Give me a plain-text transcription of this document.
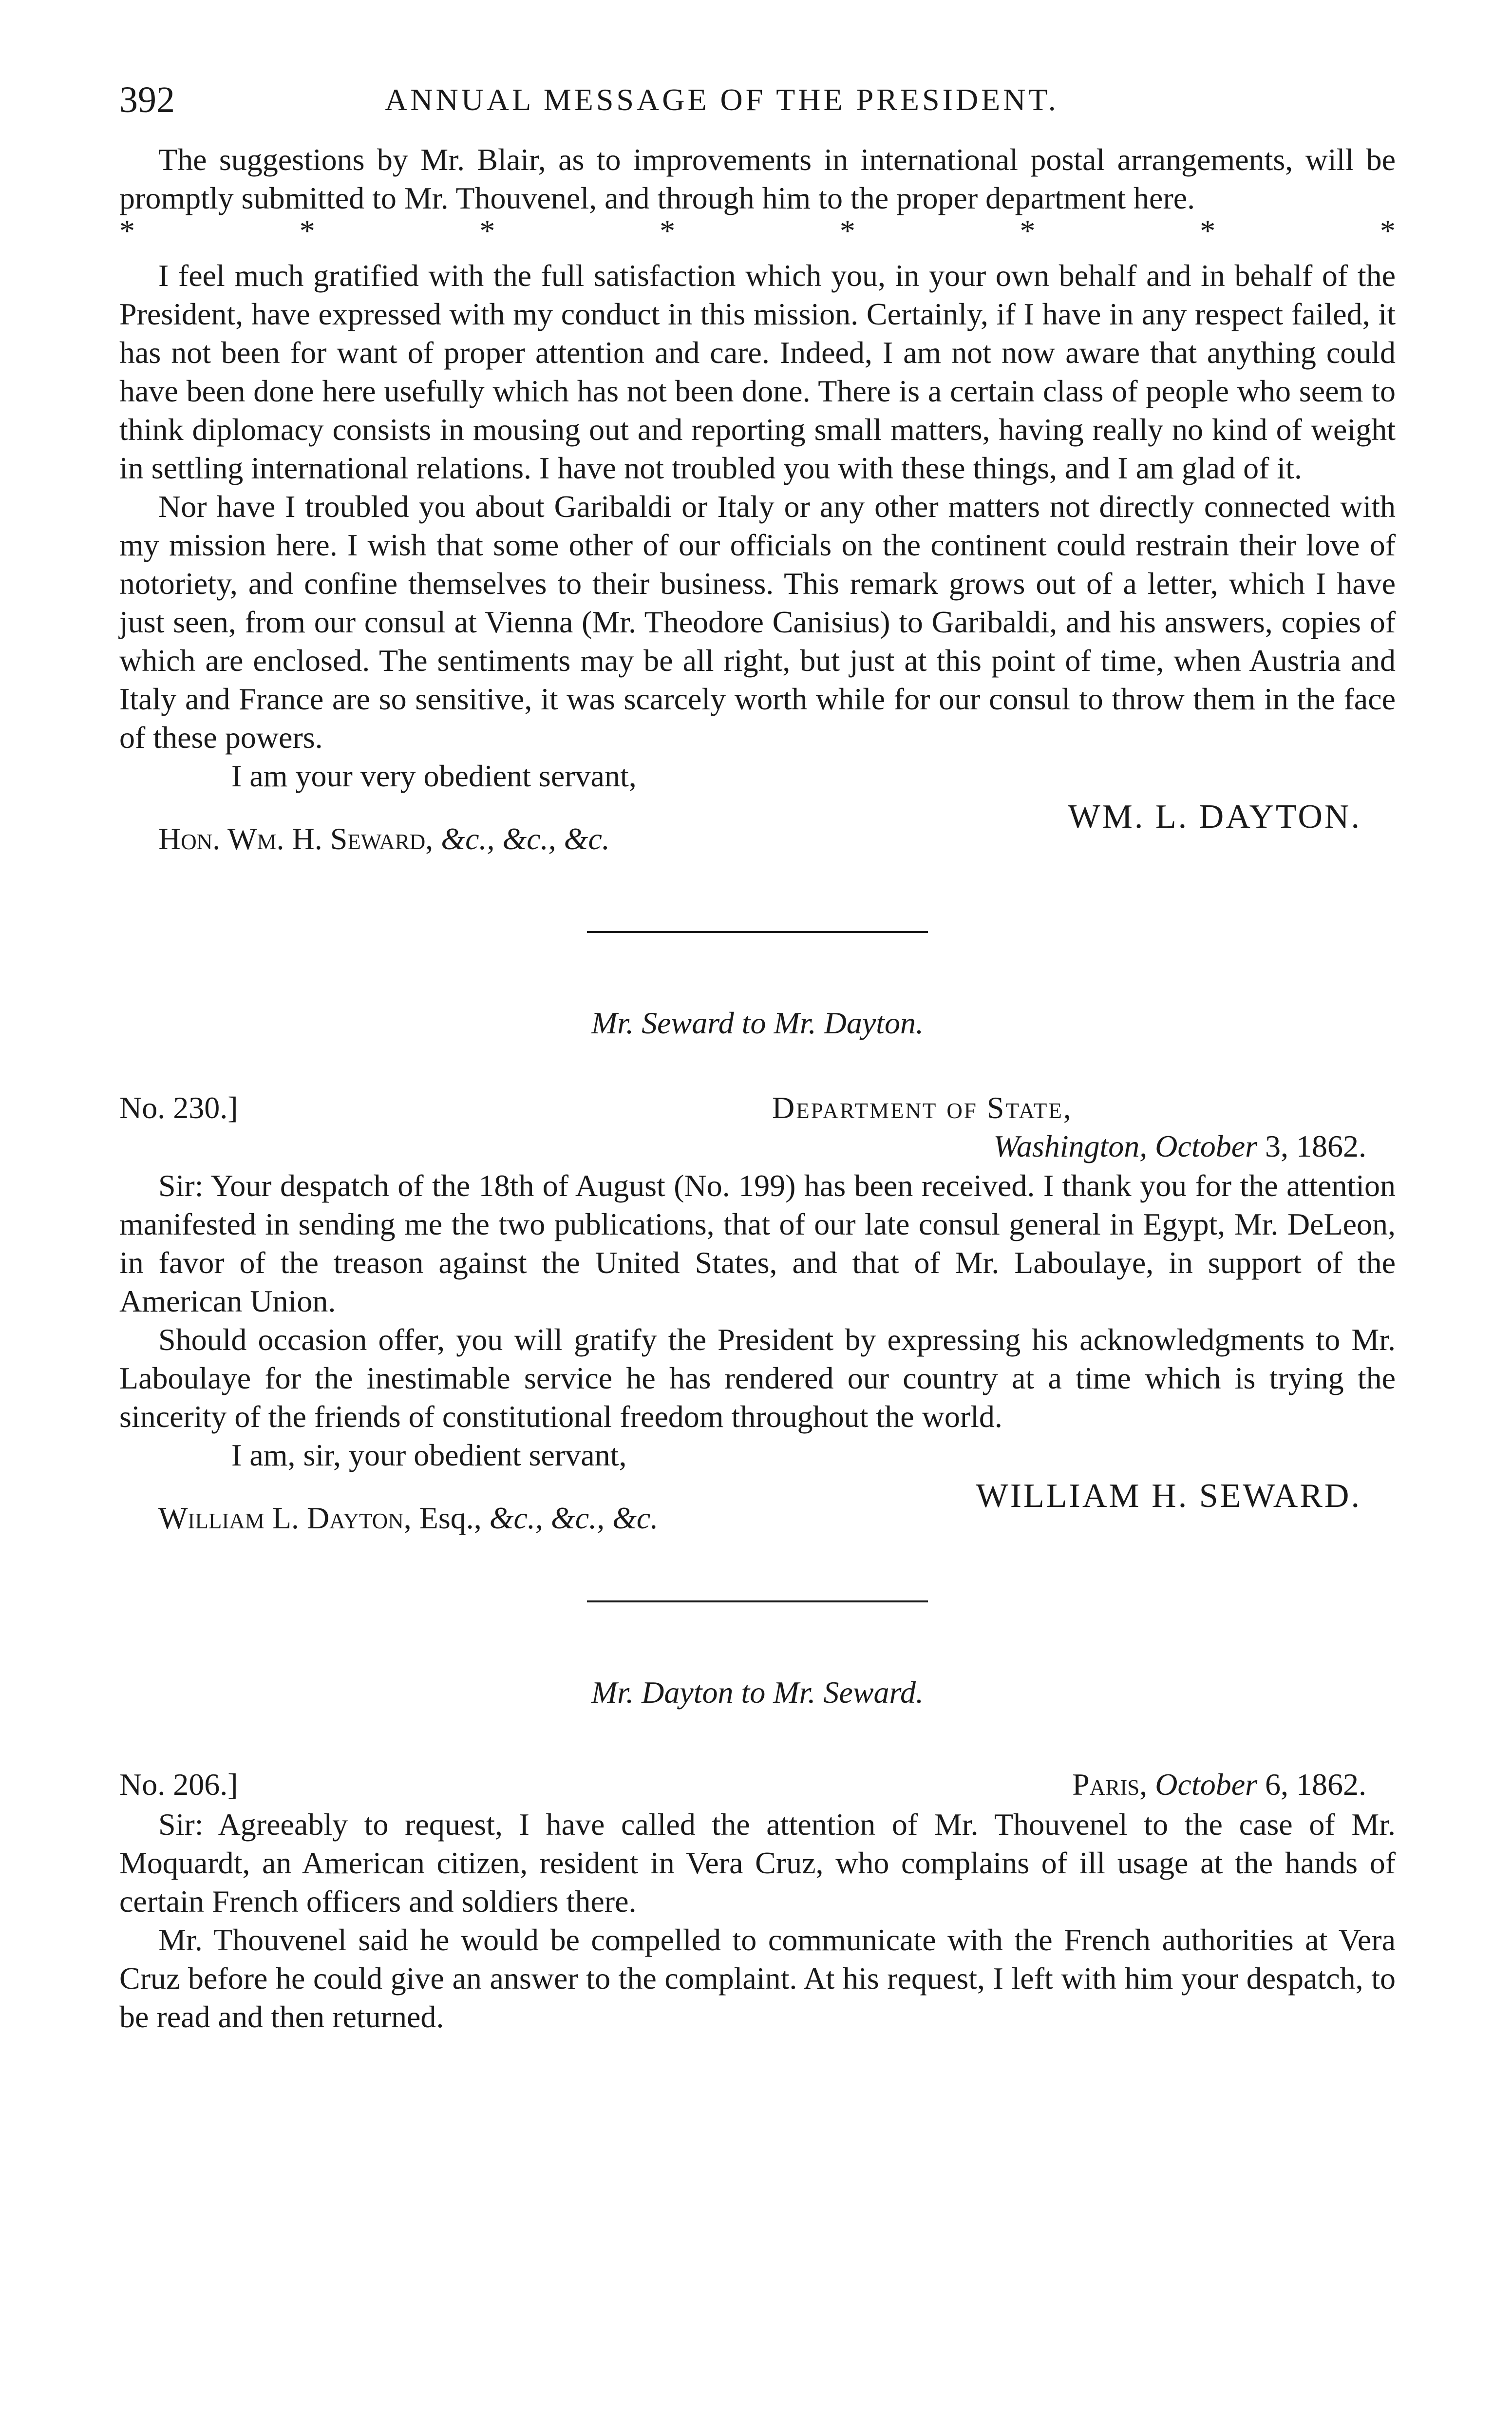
392	ANNUAL MESSAGE OF THE PRESIDENT.

The suggestions by Mr. Blair, as to improvements in international postal arrangements, will be promptly submitted to Mr. Thouvenel, and through him to the proper department here.

*	*	*	*	*	*	*	*

I feel much gratified with the full satisfaction which you, in your own behalf and in behalf of the President, have expressed with my conduct in this mission. Certainly, if I have in any respect failed, it has not been for want of proper attention and care. Indeed, I am not now aware that anything could have been done here usefully which has not been done. There is a certain class of people who seem to think diplomacy consists in mousing out and reporting small matters, having really no kind of weight in settling international relations. I have not troubled you with these things, and I am glad of it.

Nor have I troubled you about Garibaldi or Italy or any other matters not directly connected with my mission here. I wish that some other of our officials on the continent could restrain their love of notoriety, and confine themselves to their business. This remark grows out of a letter, which I have just seen, from our consul at Vienna (Mr. Theodore Canisius) to Garibaldi, and his answers, copies of which are enclosed. The sentiments may be all right, but just at this point of time, when Austria and Italy and France are so sensitive, it was scarcely worth while for our consul to throw them in the face of these powers.

I am your very obedient servant,
WM. L. DAYTON.
Hon. Wm. H. Seward, &c., &c., &c.
Mr. Seward to Mr. Dayton.
No. 230.]	Department of State,
Washington, October 3, 1862.

Sir: Your despatch of the 18th of August (No. 199) has been received. I thank you for the attention manifested in sending me the two publications, that of our late consul general in Egypt, Mr. DeLeon, in favor of the treason against the United States, and that of Mr. Laboulaye, in support of the American Union.

Should occasion offer, you will gratify the President by expressing his acknowledgments to Mr. Laboulaye for the inestimable service he has rendered our country at a time which is trying the sincerity of the friends of constitutional freedom throughout the world.

I am, sir, your obedient servant,
WILLIAM H. SEWARD.
William L. Dayton, Esq., &c., &c., &c.
Mr. Dayton to Mr. Seward.
No. 206.]	Paris, October 6, 1862.

Sir: Agreeably to request, I have called the attention of Mr. Thouvenel to the case of Mr. Moquardt, an American citizen, resident in Vera Cruz, who complains of ill usage at the hands of certain French officers and soldiers there.

Mr. Thouvenel said he would be compelled to communicate with the French authorities at Vera Cruz before he could give an answer to the complaint. At his request, I left with him your despatch, to be read and then returned.
